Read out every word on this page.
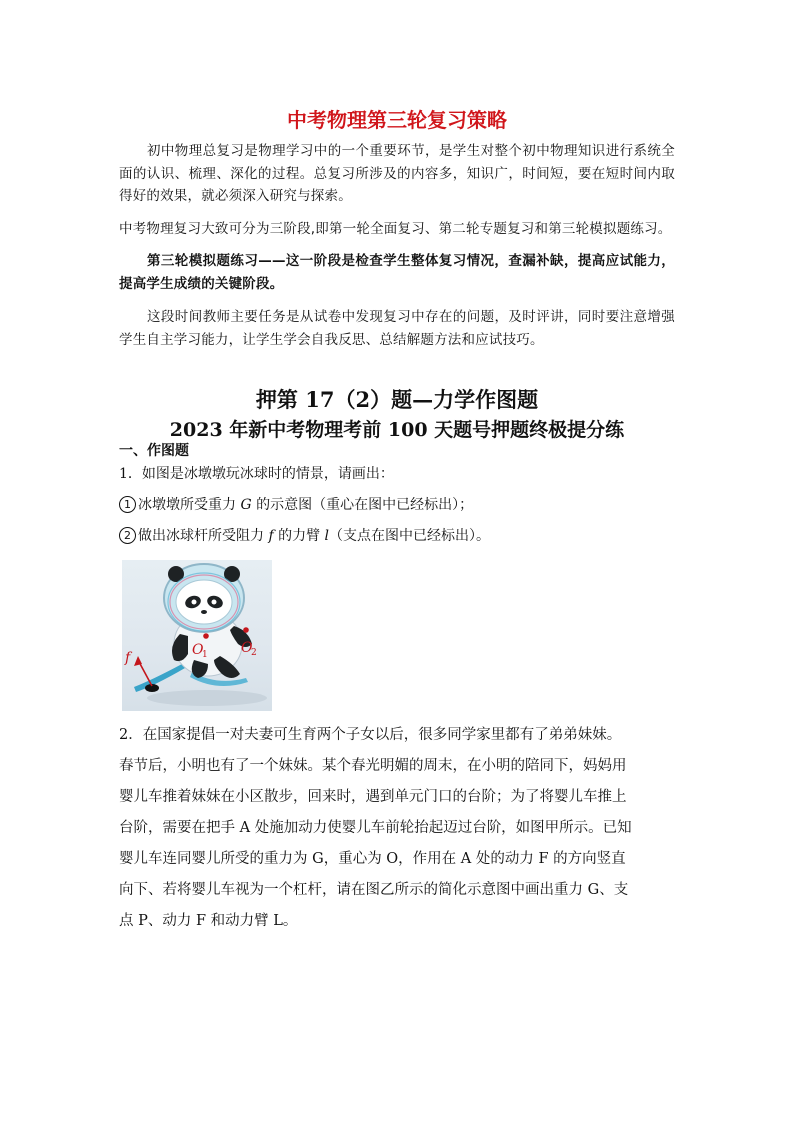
中考物理第三轮复习策略
初中物理总复习是物理学习中的一个重要环节，是学生对整个初中物理知识进行系统全面的认识、梳理、深化的过程。总复习所涉及的内容多，知识广，时间短，要在短时间内取得好的效果，就必须深入研究与探索。
中考物理复习大致可分为三阶段,即第一轮全面复习、第二轮专题复习和第三轮模拟题练习。
第三轮模拟题练习——这一阶段是检查学生整体复习情况，查漏补缺，提高应试能力，提高学生成绩的关键阶段。
这段时间教师主要任务是从试卷中发现复习中存在的问题，及时评讲，同时要注意增强学生自主学习能力，让学生学会自我反思、总结解题方法和应试技巧。
押第 17（2）题—力学作图题
2023 年新中考物理考前 100 天题号押题终极提分练
一、作图题
1．如图是冰墩墩玩冰球时的情景，请画出：
1 冰墩墩所受重力 G 的示意图（重心在图中已经标出）；
2 做出冰球杆所受阻力 f 的力臂 l（支点在图中已经标出）。
f	O
1 O
2
2．在国家提倡一对夫妻可生育两个子女以后，很多同学家里都有了弟弟妹妹。
春节后，小明也有了一个妹妹。某个春光明媚的周末，在小明的陪同下，妈妈用
婴儿车推着妹妹在小区散步，回来时，遇到单元门口的台阶；为了将婴儿车推上
台阶，需要在把手 A 处施加动力使婴儿车前轮抬起迈过台阶，如图甲所示。已知
婴儿车连同婴儿所受的重力为 G，重心为 O，作用在 A 处的动力 F 的方向竖直
向下、若将婴儿车视为一个杠杆，请在图乙所示的简化示意图中画出重力 G、支
点 P、动力 F 和动力臂 L。
